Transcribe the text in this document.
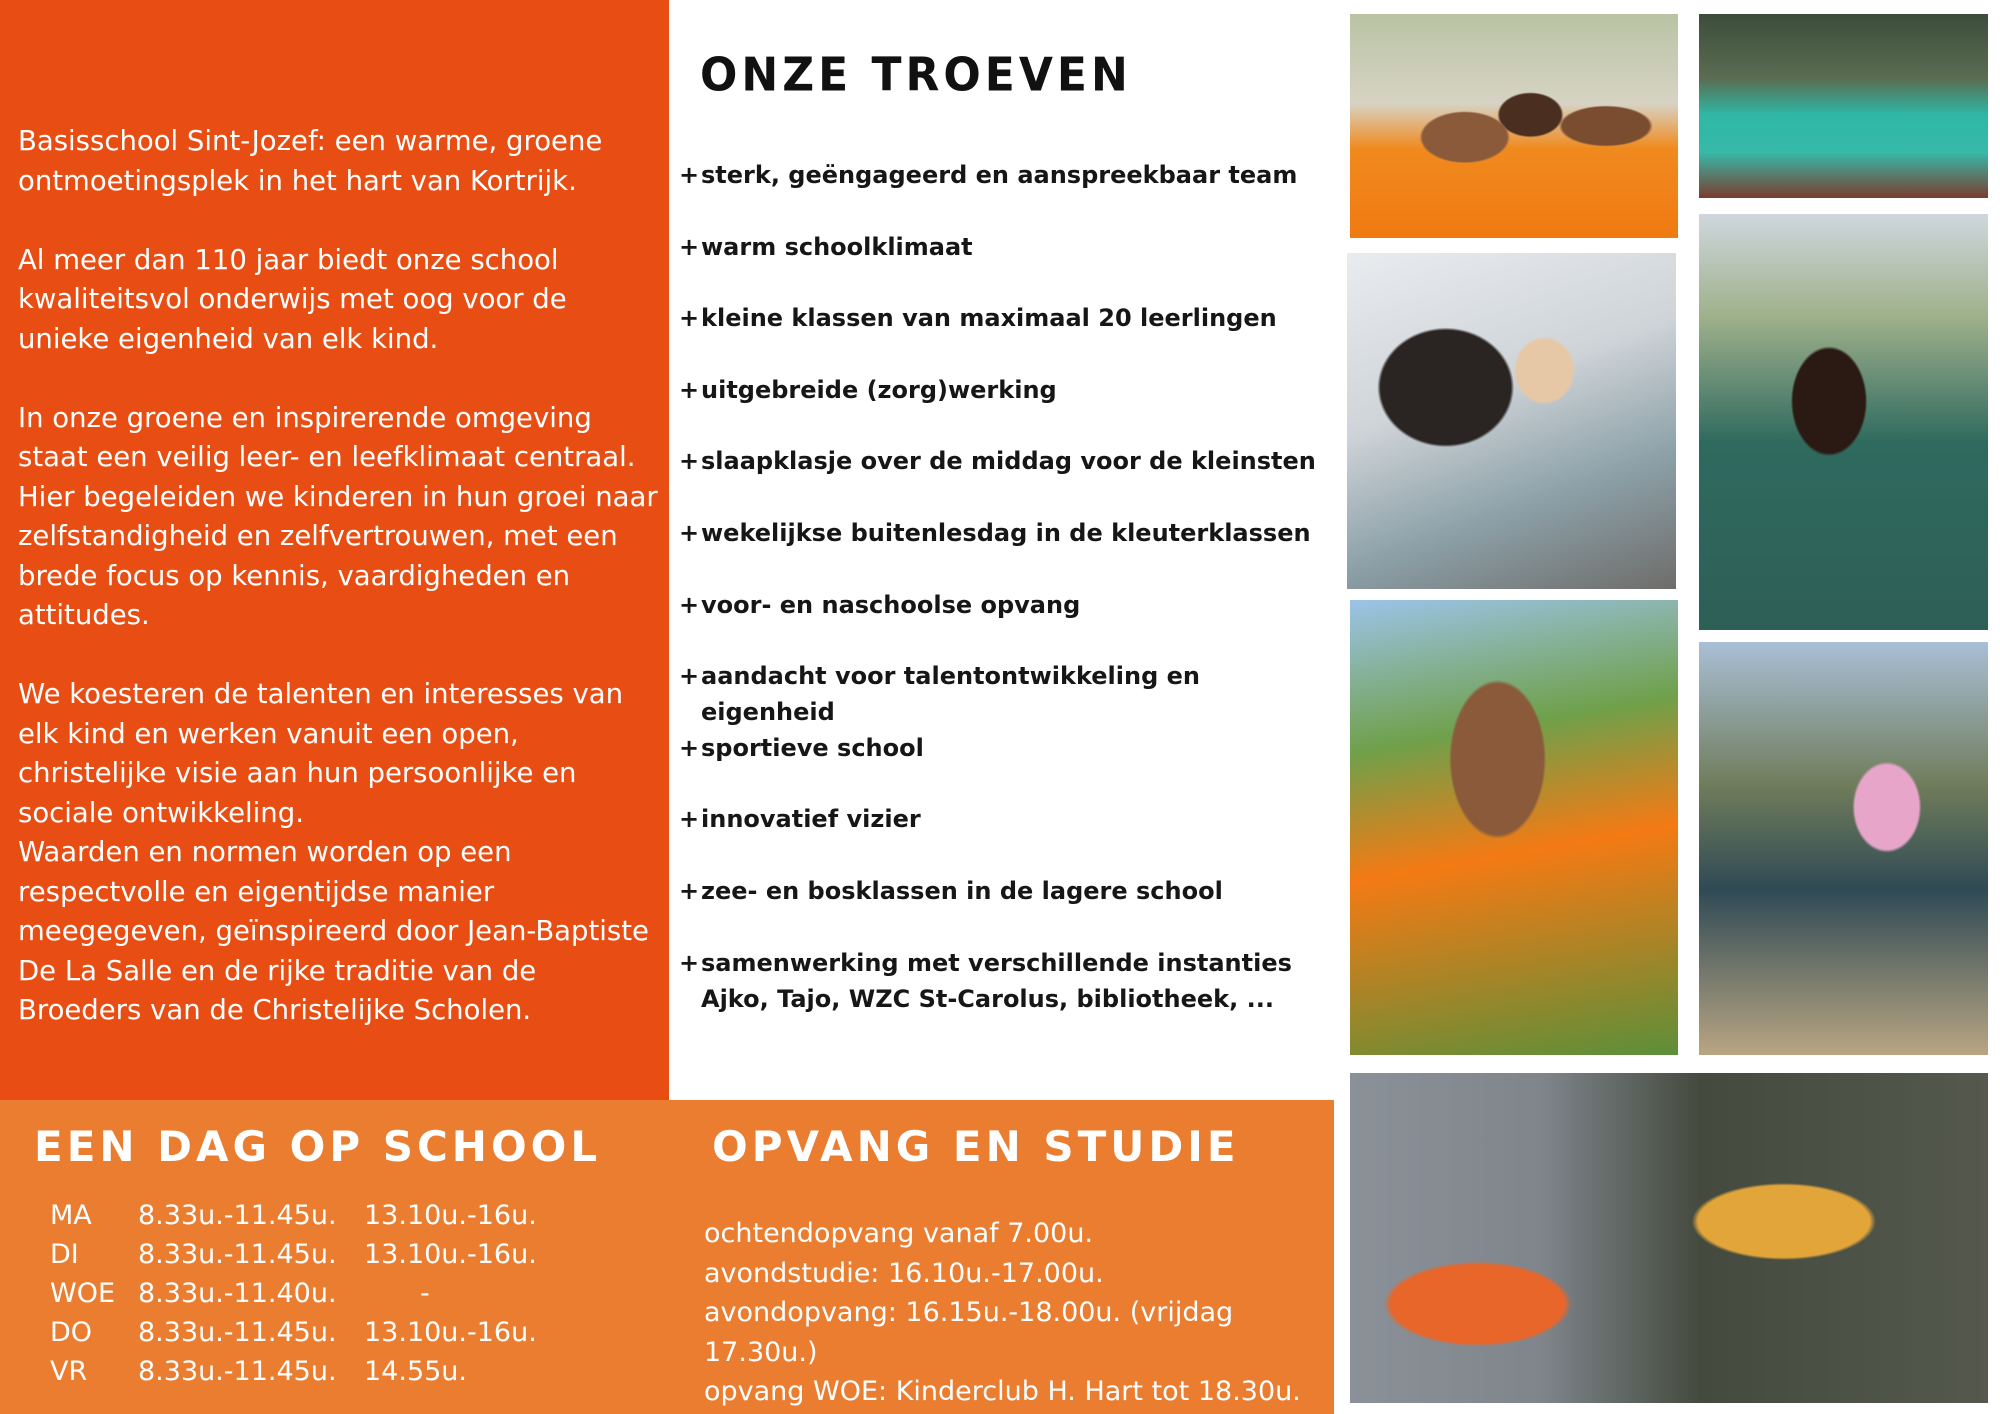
Basisschool Sint-Jozef: een warme, groene ontmoetingsplek in het hart van Kortrijk.

Al meer dan 110 jaar biedt onze school kwaliteitsvol onderwijs met oog voor de unieke eigenheid van elk kind.

In onze groene en inspirerende omgeving staat een veilig leer- en leefklimaat centraal. Hier begeleiden we kinderen in hun groei naar zelfstandigheid en zelfvertrouwen, met een brede focus op kennis, vaardigheden en attitudes.

We koesteren de talenten en interesses van elk kind en werken vanuit een open, christelijke visie aan hun persoonlijke en sociale ontwikkeling.

Waarden en normen worden op een respectvolle en eigentijdse manier meegegeven, geïnspireerd door Jean-Baptiste De La Salle en de rijke traditie van de Broeders van de Christelijke Scholen.

ONZE TROEVEN
+ sterk, geëngageerd en aanspreekbaar team
+ warm schoolklimaat
+ kleine klassen van maximaal 20 leerlingen
+ uitgebreide (zorg)werking
+ slaapklasje over de middag voor de kleinsten
+ wekelijkse buitenlesdag in de kleuterklassen
+ voor- en naschoolse opvang
+ aandacht voor talentontwikkeling en eigenheid
+ sportieve school
+ innovatief vizier
+ zee- en bosklassen in de lagere school
+ samenwerking met verschillende instanties
Ajko, Tajo, WZC St-Carolus, bibliotheek, ...
EEN DAG OP SCHOOL
MA	8.33u.-11.45u.	13.10u.-16u.
DI	8.33u.-11.45u.	13.10u.-16u.
WOE	8.33u.-11.40u.	-
DO	8.33u.-11.45u.	13.10u.-16u.
VR	8.33u.-11.45u.	14.55u.
OPVANG EN STUDIE
ochtendopvang vanaf 7.00u.
avondstudie: 16.10u.-17.00u.
avondopvang: 16.15u.-18.00u. (vrijdag 17.30u.)
opvang WOE: Kinderclub H. Hart tot 18.30u.
